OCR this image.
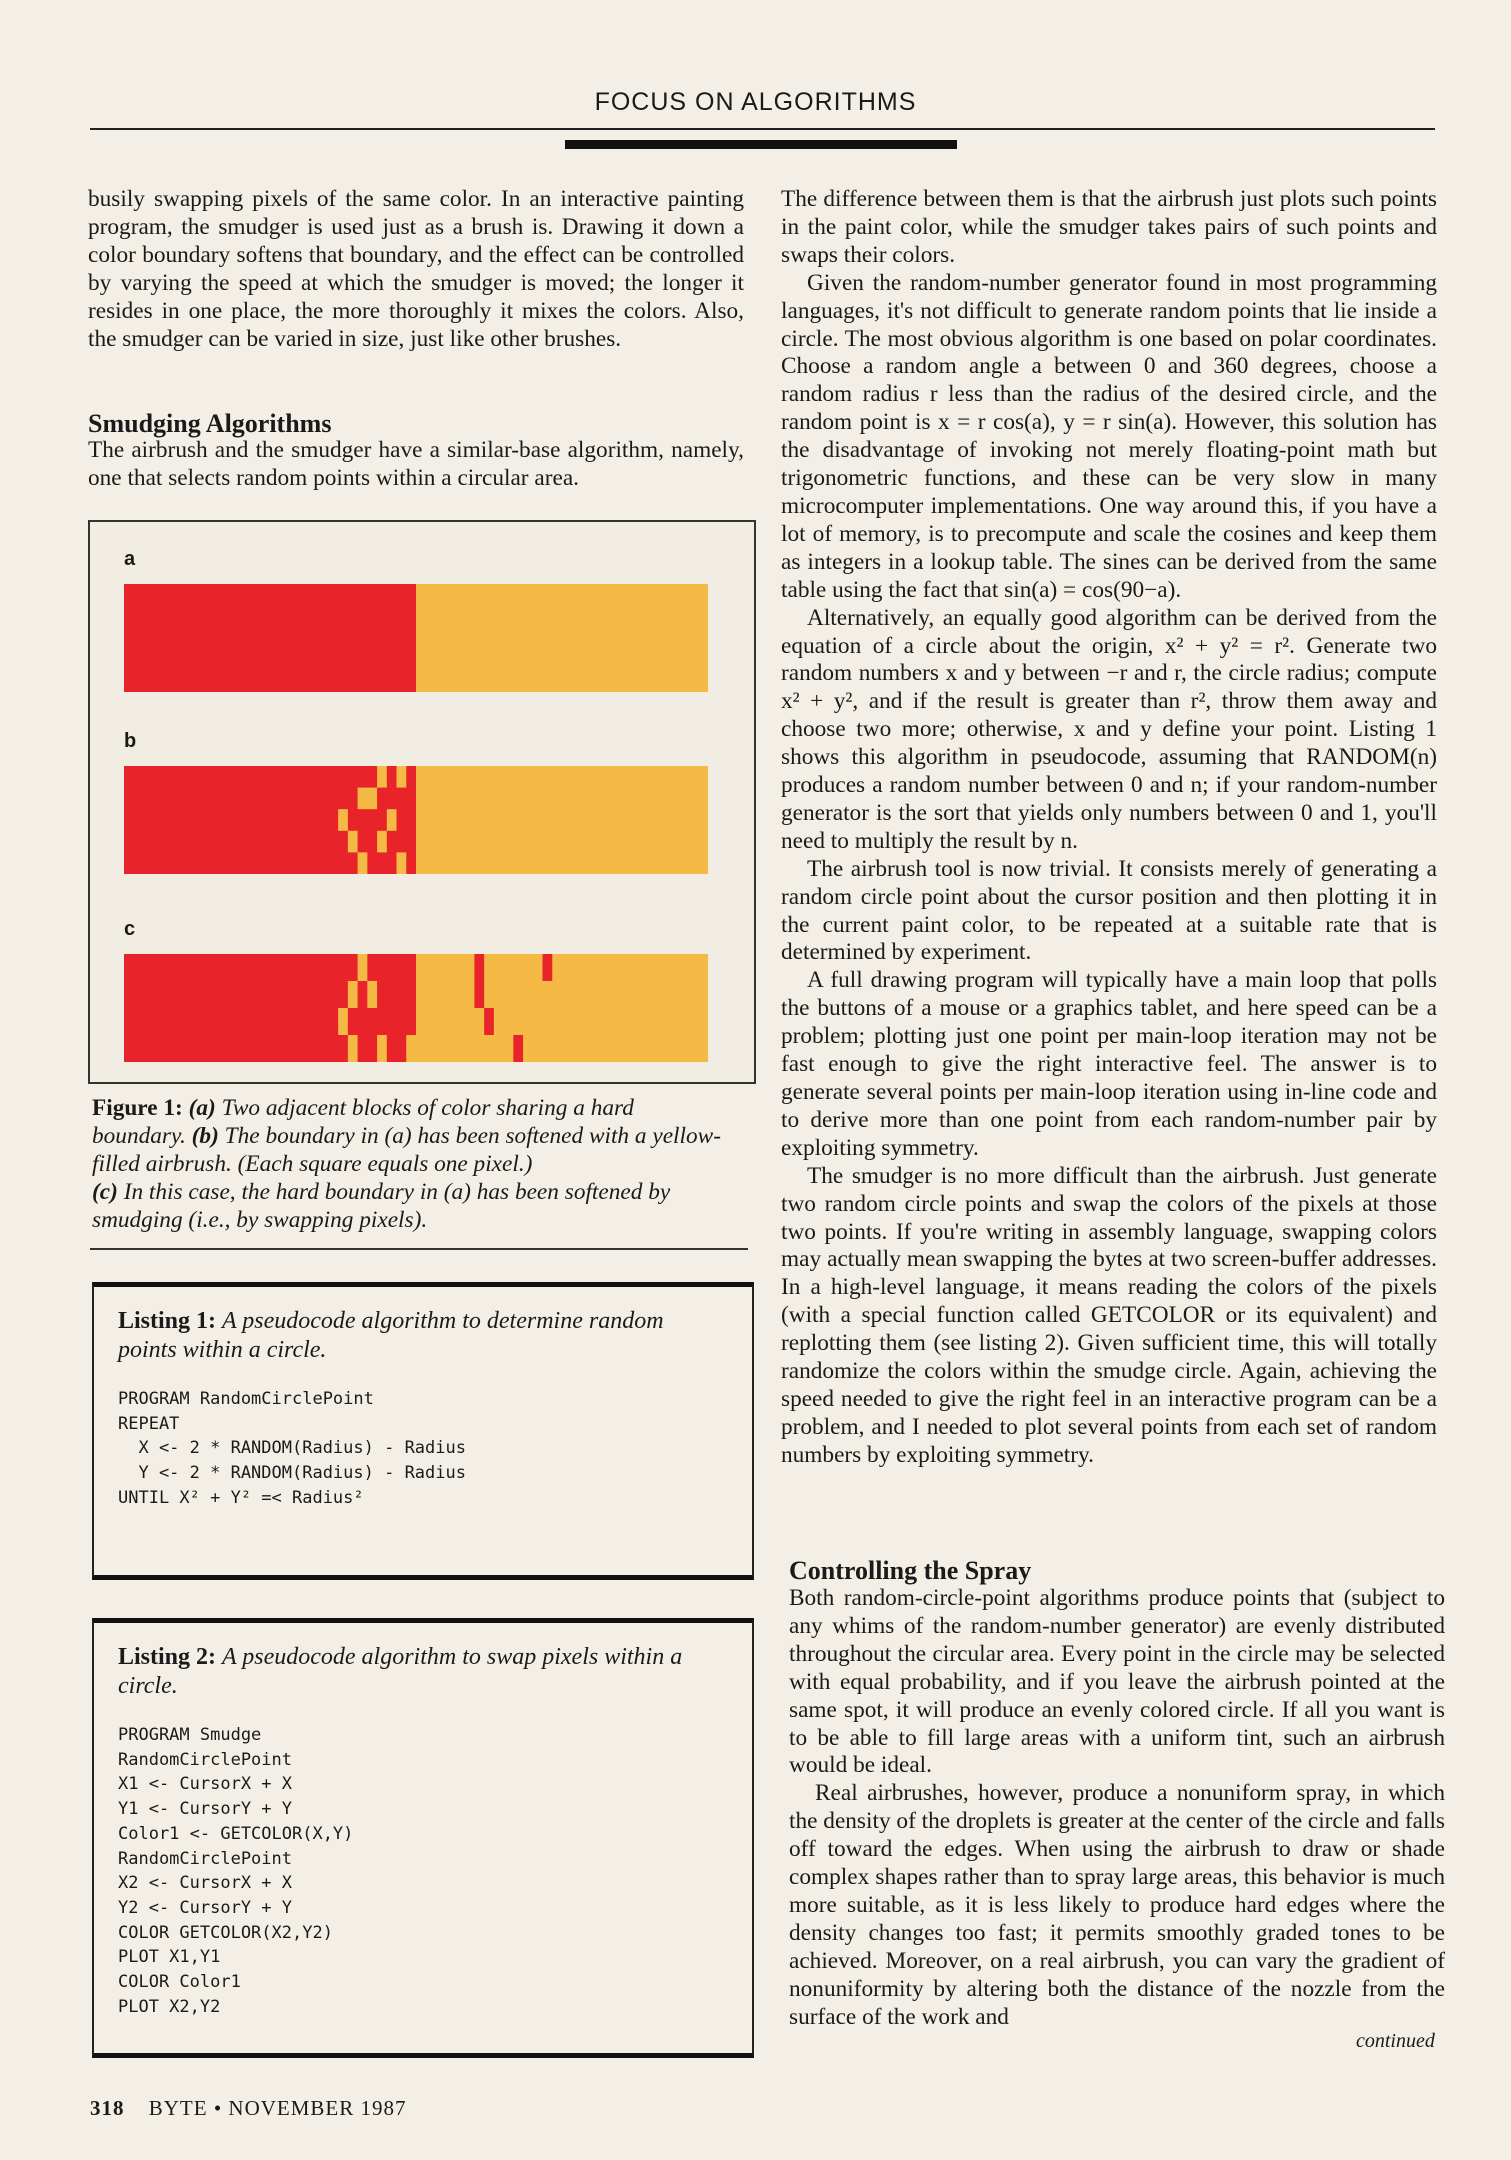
FOCUS ON ALGORITHMS

busily swapping pixels of the same color. In an interactive painting program, the smudger is used just as a brush is. Drawing it down a color boundary softens that boundary, and the effect can be controlled by varying the speed at which the smudger is moved; the longer it resides in one place, the more thoroughly it mixes the colors. Also, the smudger can be varied in size, just like other brushes.

Smudging Algorithms

The airbrush and the smudger have a similar-base algorithm, namely, one that selects random points within a circular area.

a
b
c
Figure 1: (a) Two adjacent blocks of color sharing a hard boundary. (b) The boundary in (a) has been softened with a yellow-filled airbrush. (Each square equals one pixel.)
(c) In this case, the hard boundary in (a) has been softened by smudging (i.e., by swapping pixels).
Listing 1: A pseudocode algorithm to determine random points within a circle.
PROGRAM RandomCirclePoint
REPEAT
X <- 2 * RANDOM(Radius) - Radius
Y <- 2 * RANDOM(Radius) - Radius
UNTIL X² + Y² =< Radius²
Listing 2: A pseudocode algorithm to swap pixels within a circle.
PROGRAM Smudge
RandomCirclePoint
X1 <- CursorX + X
Y1 <- CursorY + Y
Color1 <- GETCOLOR(X,Y)
RandomCirclePoint
X2 <- CursorX + X
Y2 <- CursorY + Y
COLOR GETCOLOR(X2,Y2)
PLOT X1,Y1
COLOR Color1
PLOT X2,Y2

The difference between them is that the airbrush just plots such points in the paint color, while the smudger takes pairs of such points and swaps their colors.

Given the random-number generator found in most programming languages, it's not difficult to generate random points that lie inside a circle. The most obvious algorithm is one based on polar coordinates. Choose a random angle a between 0 and 360 degrees, choose a random radius r less than the radius of the desired circle, and the random point is x = r cos(a), y = r sin(a). However, this solution has the disadvantage of invoking not merely floating-point math but trigonometric functions, and these can be very slow in many microcomputer implementations. One way around this, if you have a lot of memory, is to precompute and scale the cosines and keep them as integers in a lookup table. The sines can be derived from the same table using the fact that sin(a) = cos(90−a).

Alternatively, an equally good algorithm can be derived from the equation of a circle about the origin, x² + y² = r². Generate two random numbers x and y between −r and r, the circle radius; compute x² + y², and if the result is greater than r², throw them away and choose two more; otherwise, x and y define your point. Listing 1 shows this algorithm in pseudocode, assuming that RANDOM(n) produces a random number between 0 and n; if your random-number generator is the sort that yields only numbers between 0 and 1, you'll need to multiply the result by n.

The airbrush tool is now trivial. It consists merely of generating a random circle point about the cursor position and then plotting it in the current paint color, to be repeated at a suitable rate that is determined by experiment.

A full drawing program will typically have a main loop that polls the buttons of a mouse or a graphics tablet, and here speed can be a problem; plotting just one point per main-loop iteration may not be fast enough to give the right interactive feel. The answer is to generate several points per main-loop iteration using in-line code and to derive more than one point from each random-number pair by exploiting symmetry.

The smudger is no more difficult than the airbrush. Just generate two random circle points and swap the colors of the pixels at those two points. If you're writing in assembly language, swapping colors may actually mean swapping the bytes at two screen-buffer addresses. In a high-level language, it means reading the colors of the pixels (with a special function called GETCOLOR or its equivalent) and replotting them (see listing 2). Given sufficient time, this will totally randomize the colors within the smudge circle. Again, achieving the speed needed to give the right feel in an interactive program can be a problem, and I needed to plot several points from each set of random numbers by exploiting symmetry.

Controlling the Spray

Both random-circle-point algorithms produce points that (subject to any whims of the random-number generator) are evenly distributed throughout the circular area. Every point in the circle may be selected with equal probability, and if you leave the airbrush pointed at the same spot, it will produce an evenly colored circle. If all you want is to be able to fill large areas with a uniform tint, such an airbrush would be ideal.

Real airbrushes, however, produce a nonuniform spray, in which the density of the droplets is greater at the center of the circle and falls off toward the edges. When using the airbrush to draw or shade complex shapes rather than to spray large areas, this behavior is much more suitable, as it is less likely to produce hard edges where the density changes too fast; it permits smoothly graded tones to be achieved. Moreover, on a real airbrush, you can vary the gradient of nonuniformity by altering both the distance of the nozzle from the surface of the work and

continued
318 BYTE • NOVEMBER 1987
